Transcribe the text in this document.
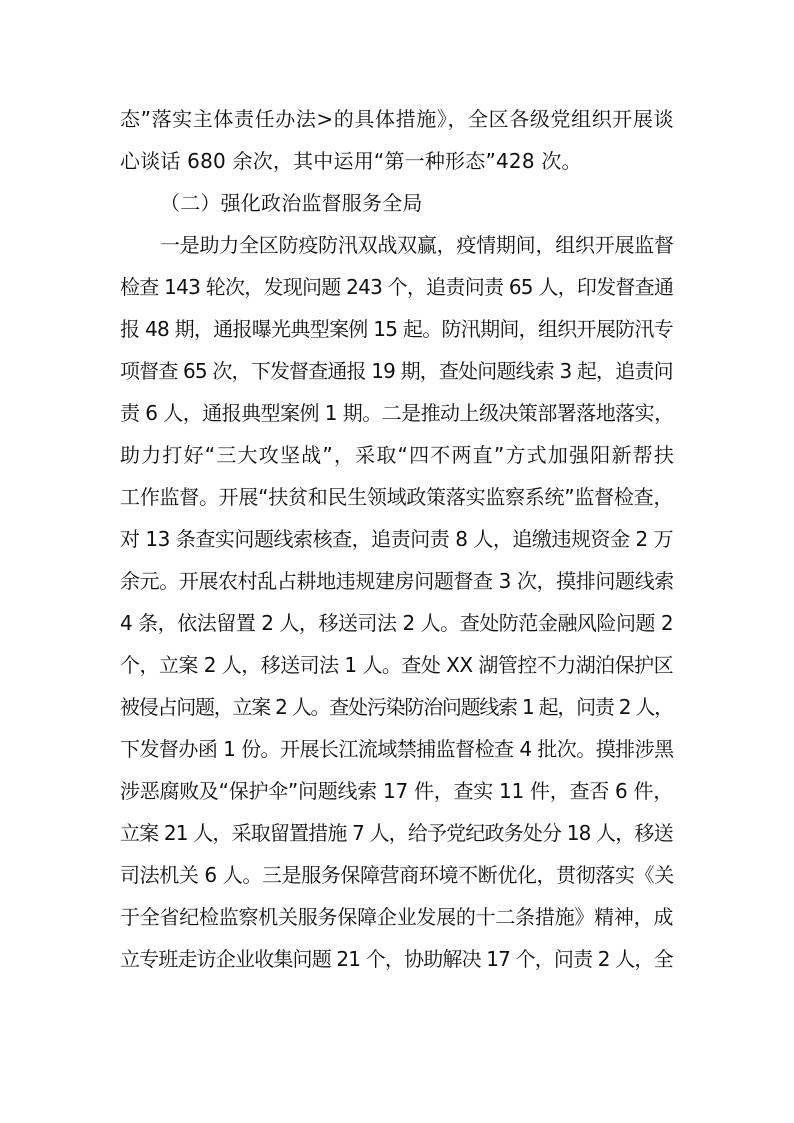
态”落实主体责任办法>的具体措施》，全区各级党组织开展谈
心谈话 680 余次，其中运用“第一种形态”428 次。
（二）强化政治监督服务全局
一是助力全区防疫防汛双战双赢，疫情期间，组织开展监督
检查 143 轮次，发现问题 243 个，追责问责 65 人，印发督查通
报 48 期，通报曝光典型案例 15 起。防汛期间，组织开展防汛专
项督查 65 次，下发督查通报 19 期，查处问题线索 3 起，追责问
责 6 人，通报典型案例 1 期。二是推动上级决策部署落地落实，
助力打好“三大攻坚战”，采取“四不两直”方式加强阳新帮扶
工作监督。开展“扶贫和民生领域政策落实监察系统”监督检查，
对 13 条查实问题线索核查，追责问责 8 人，追缴违规资金 2 万
余元。开展农村乱占耕地违规建房问题督查 3 次，摸排问题线索
4 条，依法留置 2 人，移送司法 2 人。查处防范金融风险问题 2
个，立案 2 人，移送司法 1 人。查处 XX 湖管控不力湖泊保护区
被侵占问题，立案 2 人。查处污染防治问题线索 1 起，问责 2 人，
下发督办函 1 份。开展长江流域禁捕监督检查 4 批次。摸排涉黑
涉恶腐败及“保护伞”问题线索 17 件，查实 11 件，查否 6 件，
立案 21 人，采取留置措施 7 人，给予党纪政务处分 18 人，移送
司法机关 6 人。三是服务保障营商环境不断优化，贯彻落实《关
于全省纪检监察机关服务保障企业发展的十二条措施》精神，成
立专班走访企业收集问题 21 个，协助解决 17 个，问责 2 人，全
